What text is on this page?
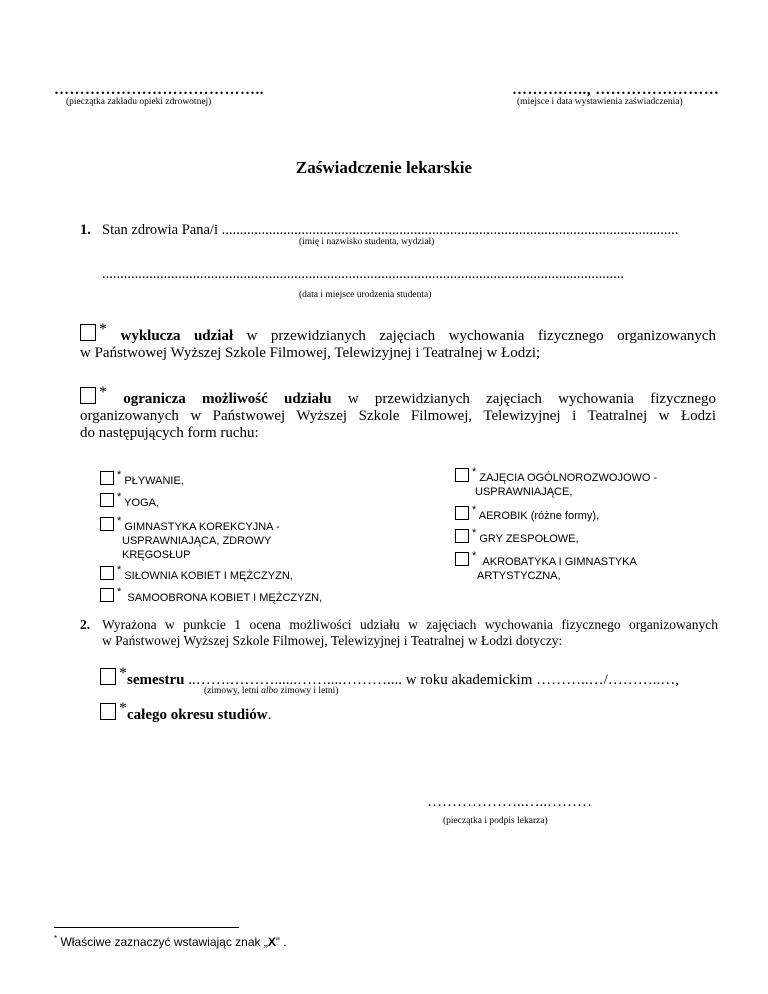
…………………………………..
(pieczątka zakładu opieki zdrowotnej)
……….….., ……………………
(miejsce i data wystawienia zaświadczenia)
Zaświadczenie lekarskie
1. Stan zdrowia Pana/i ..............................................................................................................................
(imię i nazwisko studenta, wydział)
................................................................................................................................................
(data i miejsce urodzenia studenta)
* wyklucza udział w przewidzianych zajęciach wychowania fizycznego organizowanych
w Państwowej Wyższej Szkole Filmowej, Telewizyjnej i Teatralnej w Łodzi;
* ogranicza możliwość udziału w przewidzianych zajęciach wychowania fizycznego
organizowanych w Państwowej Wyższej Szkole Filmowej, Telewizyjnej i Teatralnej w Łodzi
do następujących form ruchu:
* PŁYWANIE,
* YOGA,
* GIMNASTYKA KOREKCYJNA -
USPRAWNIAJĄCA, ZDROWY
KRĘGOSŁUP
* SIŁOWNIA KOBIET I MĘŻCZYZN,
* SAMOOBRONA KOBIET I MĘŻCZYZN,
* ZAJĘCIA OGÓLNOROZWOJOWO -
USPRAWNIAJĄCE,
* AEROBIK (różne formy),
* GRY ZESPOŁOWE,
* AKROBATYKA I GIMNASTYKA
ARTYSTYCZNA,
2. Wyrażona w punkcie 1 ocena możliwości udziału w zajęciach wychowania fizycznego organizowanych
w Państwowej Wyższej Szkole Filmowej, Telewizyjnej i Teatralnej w Łodzi dotyczy:
*semestru ..…….………......……....……….... w roku akademickim ………..…/………..…,
(zimowy, letni albo zimowy i letni)
*całego okresu studiów.
………………..…..………
(pieczątka i podpis lekarza)
* Właściwe zaznaczyć wstawiając znak „X” .
